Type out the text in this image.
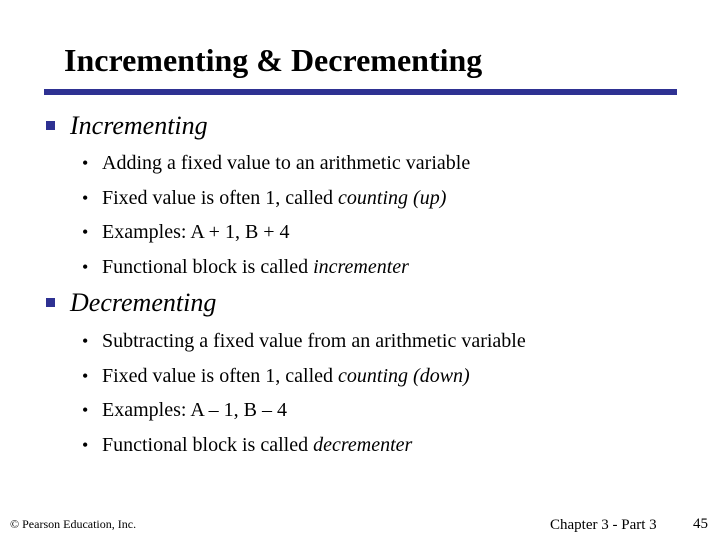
Incrementing & Decrementing
Incrementing
• Adding a fixed value to an arithmetic variable
• Fixed value is often 1, called counting (up)
• Examples: A + 1, B + 4
• Functional block is called incrementer
Decrementing
• Subtracting a fixed value from an arithmetic variable
• Fixed value is often 1, called counting (down)
• Examples: A – 1, B – 4
• Functional block is called decrementer
© Pearson Education, Inc.	Chapter 3 - Part 3 45
